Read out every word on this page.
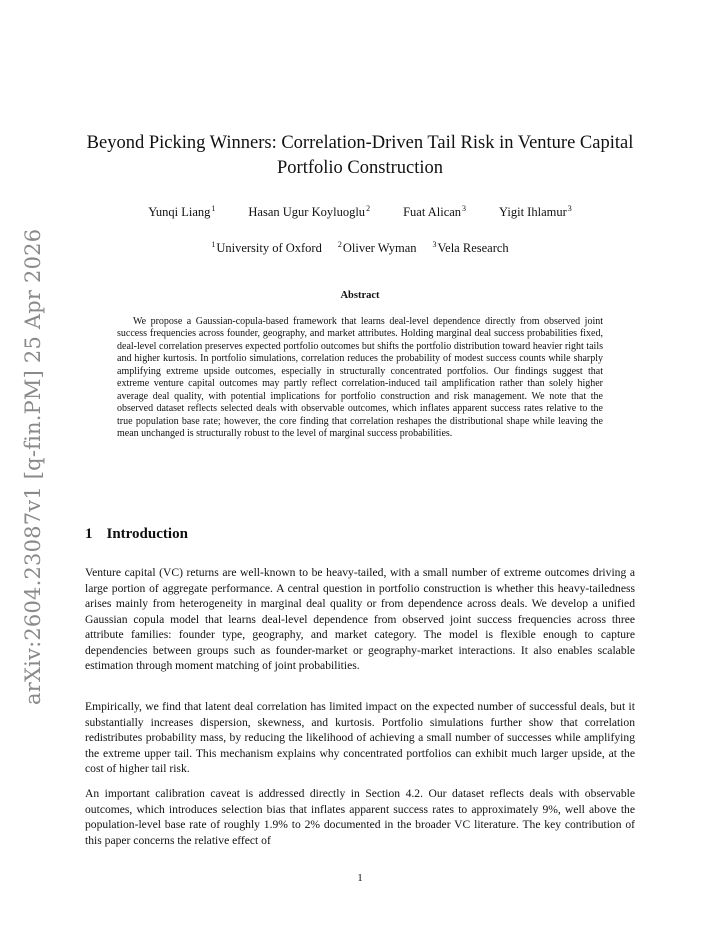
arXiv:2604.23087v1 [q-fin.PM] 25 Apr 2026
Beyond Picking Winners: Correlation-Driven Tail Risk in Venture Capital Portfolio Construction
Yunqi Liang$^1$	Hasan Ugur Koyluoglu$^2$	Fuat Alican$^3$	Yigit Ihlamur$^3$
$^1$University of Oxford $^2$Oliver Wyman $^3$Vela Research
Abstract

We propose a Gaussian-copula-based framework that learns deal-level dependence directly from observed joint success frequencies across founder, geography, and market attributes. Holding marginal deal success probabilities fixed, deal-level correlation preserves expected portfolio outcomes but shifts the portfolio distribution toward heavier right tails and higher kurtosis. In portfolio simulations, correlation reduces the probability of modest success counts while sharply amplifying extreme upside outcomes, especially in structurally concentrated portfolios. Our findings suggest that extreme venture capital outcomes may partly reflect correlation-induced tail amplification rather than solely higher average deal quality, with potential implications for portfolio construction and risk management. We note that the observed dataset reflects selected deals with observable outcomes, which inflates apparent success rates relative to the true population base rate; however, the core finding that correlation reshapes the distributional shape while leaving the mean unchanged is structurally robust to the level of marginal success probabilities.

1 Introduction

Venture capital (VC) returns are well-known to be heavy-tailed, with a small number of extreme outcomes driving a large portion of aggregate performance. A central question in portfolio construction is whether this heavy-tailedness arises mainly from heterogeneity in marginal deal quality or from dependence across deals. We develop a unified Gaussian copula model that learns deal-level dependence from observed joint success frequencies across three attribute families: founder type, geography, and market category. The model is flexible enough to capture dependencies between groups such as founder-market or geography-market interactions. It also enables scalable estimation through moment matching of joint probabilities.

Empirically, we find that latent deal correlation has limited impact on the expected number of successful deals, but it substantially increases dispersion, skewness, and kurtosis. Portfolio simulations further show that correlation redistributes probability mass, by reducing the likelihood of achieving a small number of successes while amplifying the extreme upper tail. This mechanism explains why concentrated portfolios can exhibit much larger upside, at the cost of higher tail risk.

An important calibration caveat is addressed directly in Section 4.2. Our dataset reflects deals with observable outcomes, which introduces selection bias that inflates apparent success rates to approximately 9%, well above the population-level base rate of roughly 1.9% to 2% documented in the broader VC literature. The key contribution of this paper concerns the relative effect of

1
